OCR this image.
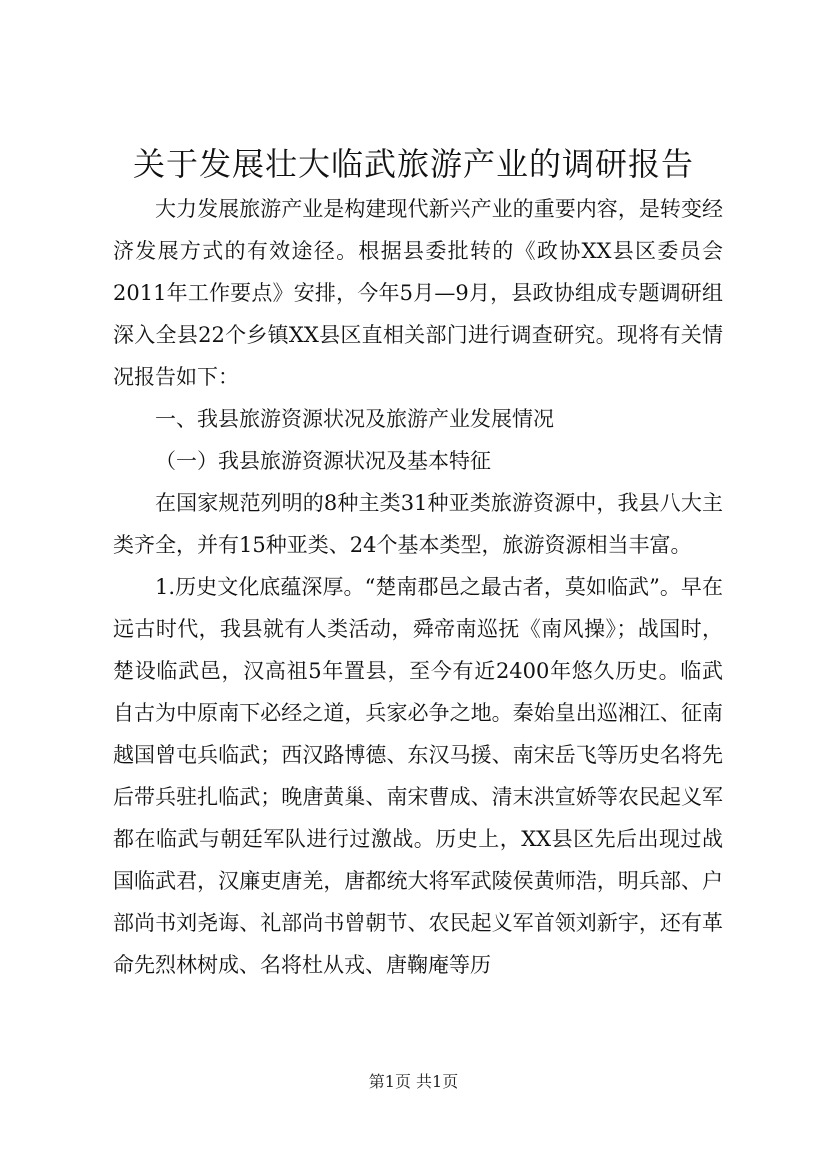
关于发展壮大临武旅游产业的调研报告

大力发展旅游产业是构建现代新兴产业的重要内容，是转变经济发展方式的有效途径。根据县委批转的《政协XX县区委员会2011年工作要点》安排，今年5月—9月，县政协组成专题调研组深入全县22个乡镇XX县区直相关部门进行调查研究。现将有关情况报告如下：

一、我县旅游资源状况及旅游产业发展情况

（一）我县旅游资源状况及基本特征

在国家规范列明的8种主类31种亚类旅游资源中，我县八大主类齐全，并有15种亚类、24个基本类型，旅游资源相当丰富。

1.历史文化底蕴深厚。“楚南郡邑之最古者，莫如临武”。早在远古时代，我县就有人类活动，舜帝南巡抚《南风操》；战国时，楚设临武邑，汉高祖5年置县，至今有近2400年悠久历史。临武自古为中原南下必经之道，兵家必争之地。秦始皇出巡湘江、征南越国曾屯兵临武；西汉路博德、东汉马援、南宋岳飞等历史名将先后带兵驻扎临武；晚唐黄巢、南宋曹成、清末洪宣娇等农民起义军都在临武与朝廷军队进行过激战。历史上，XX县区先后出现过战国临武君，汉廉吏唐羌，唐都统大将军武陵侯黄师浩，明兵部、户部尚书刘尧诲、礼部尚书曾朝节、农民起义军首领刘新宇，还有革命先烈林树成、名将杜从戎、唐鞠庵等历

第1页 共1页
